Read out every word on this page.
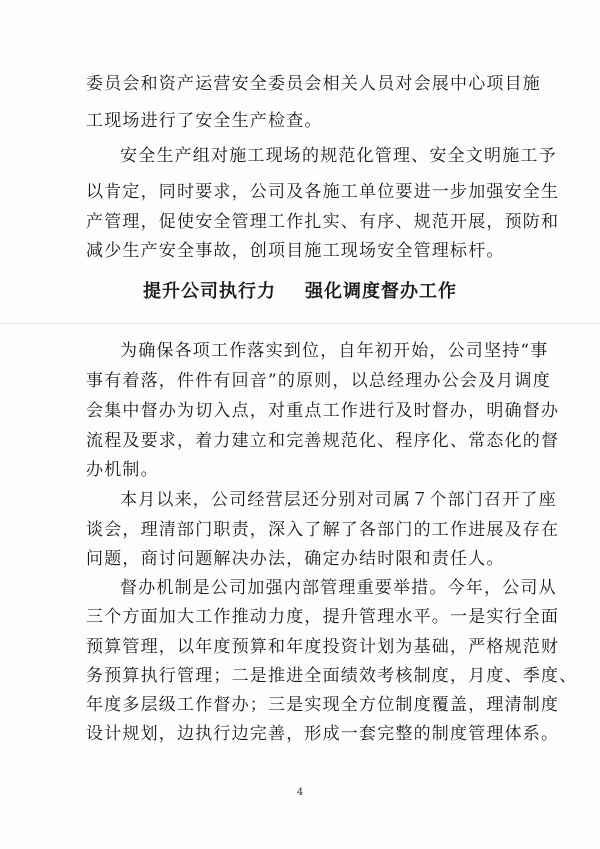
委员会和资产运营安全委员会相关人员对会展中心项目施
工现场进行了安全生产检查。
安全生产组对施工现场的规范化管理、安全文明施工予
以肯定，同时要求，公司及各施工单位要进一步加强安全生
产管理，促使安全管理工作扎实、有序、规范开展，预防和
减少生产安全事故，创项目施工现场安全管理标杆。
提升公司执行力    强化调度督办工作
为确保各项工作落实到位，自年初开始，公司坚持“事
事有着落，件件有回音”的原则，以总经理办公会及月调度
会集中督办为切入点，对重点工作进行及时督办，明确督办
流程及要求，着力建立和完善规范化、程序化、常态化的督
办机制。
本月以来，公司经营层还分别对司属７个部门召开了座
谈会，理清部门职责，深入了解了各部门的工作进展及存在
问题，商讨问题解决办法，确定办结时限和责任人。
督办机制是公司加强内部管理重要举措。今年，公司从
三个方面加大工作推动力度，提升管理水平。一是实行全面
预算管理，以年度预算和年度投资计划为基础，严格规范财
务预算执行管理；二是推进全面绩效考核制度，月度、季度、
年度多层级工作督办；三是实现全方位制度覆盖，理清制度
设计规划，边执行边完善，形成一套完整的制度管理体系。
4
